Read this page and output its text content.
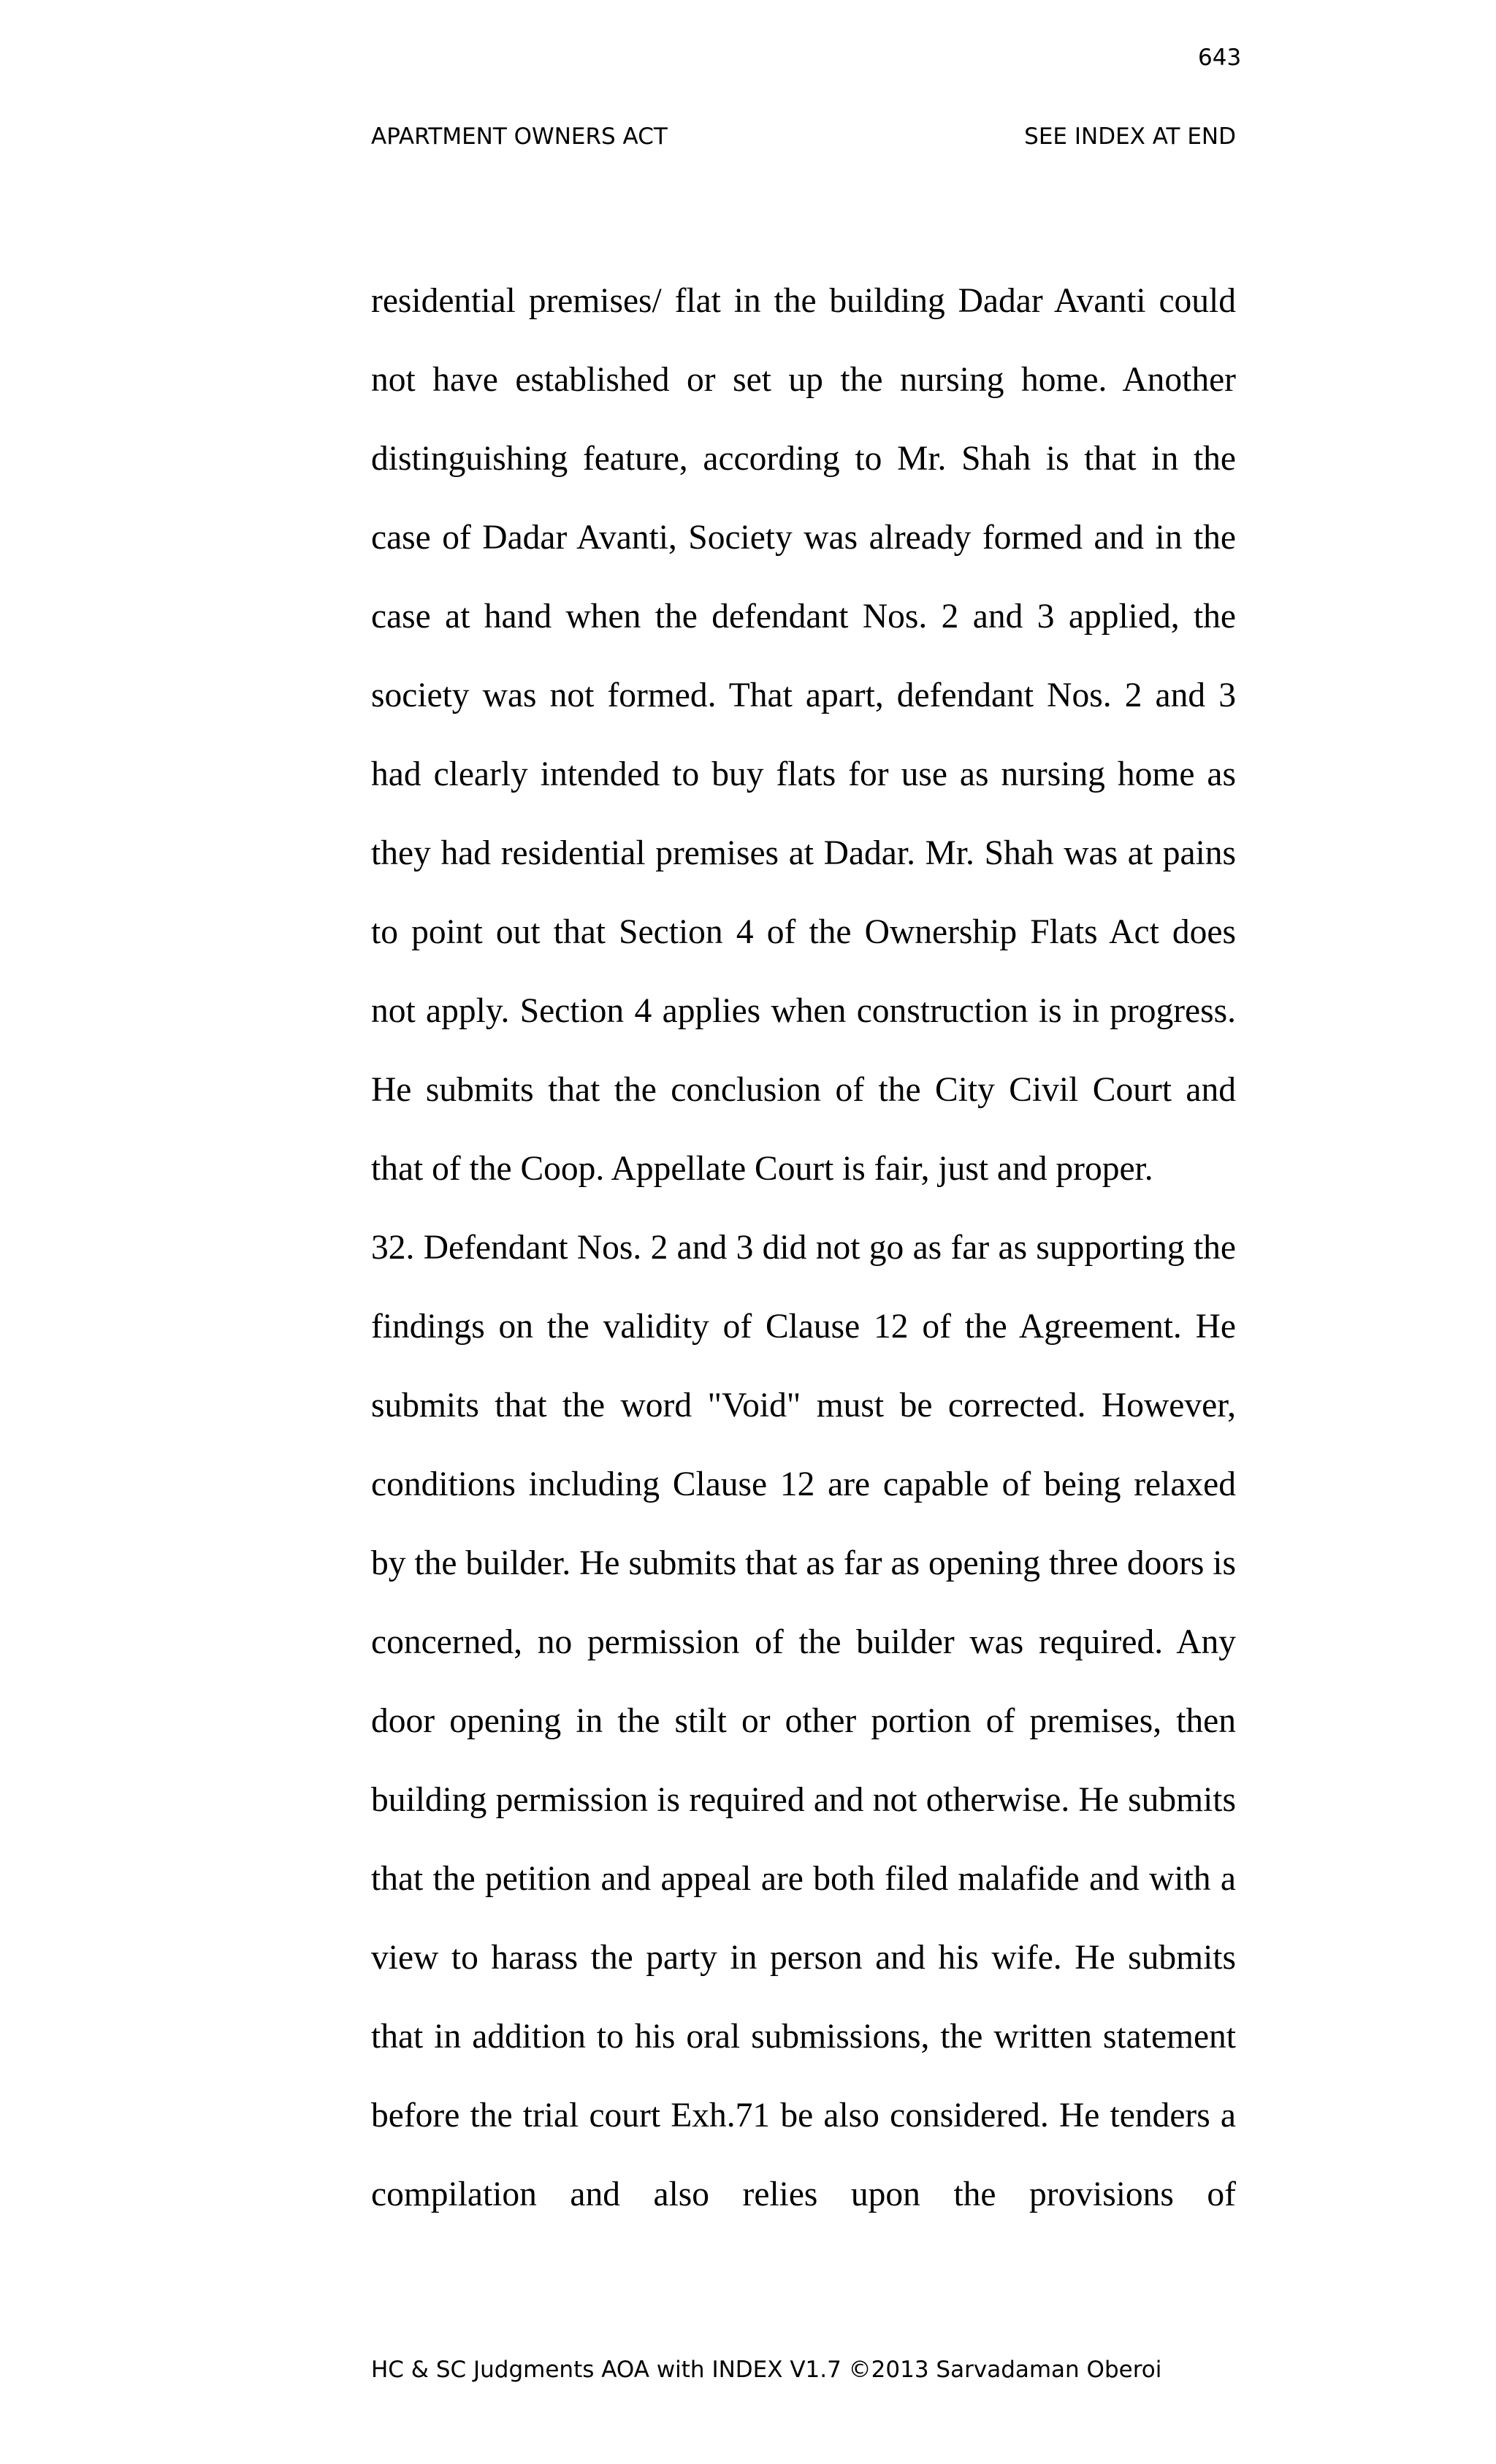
643
APARTMENT OWNERS ACT	SEE INDEX AT END

residential premises/ flat in the building Dadar Avanti could not have established or set up the nursing home. Another distinguishing feature, according to Mr. Shah is that in the case of Dadar Avanti, Society was already formed and in the case at hand when the defendant Nos. 2 and 3 applied, the society was not formed. That apart, defendant Nos. 2 and 3 had clearly intended to buy flats for use as nursing home as they had residential premises at Dadar. Mr. Shah was at pains to point out that Section 4 of the Ownership Flats Act does not apply. Section 4 applies when construction is in progress. He submits that the conclusion of the City Civil Court and that of the Coop. Appellate Court is fair, just and proper.

32. Defendant Nos. 2 and 3 did not go as far as supporting the findings on the validity of Clause 12 of the Agreement. He submits that the word "Void" must be corrected. However, conditions including Clause 12 are capable of being relaxed by the builder. He submits that as far as opening three doors is concerned, no permission of the builder was required. Any door opening in the stilt or other portion of premises, then building permission is required and not otherwise. He submits that the petition and appeal are both filed malafide and with a view to harass the party in person and his wife. He submits that in addition to his oral submissions, the written statement before the trial court Exh.71 be also considered. He tenders a compilation and also relies upon the provisions of

HC & SC Judgments AOA with INDEX V1.7 ©2013 Sarvadaman Oberoi
